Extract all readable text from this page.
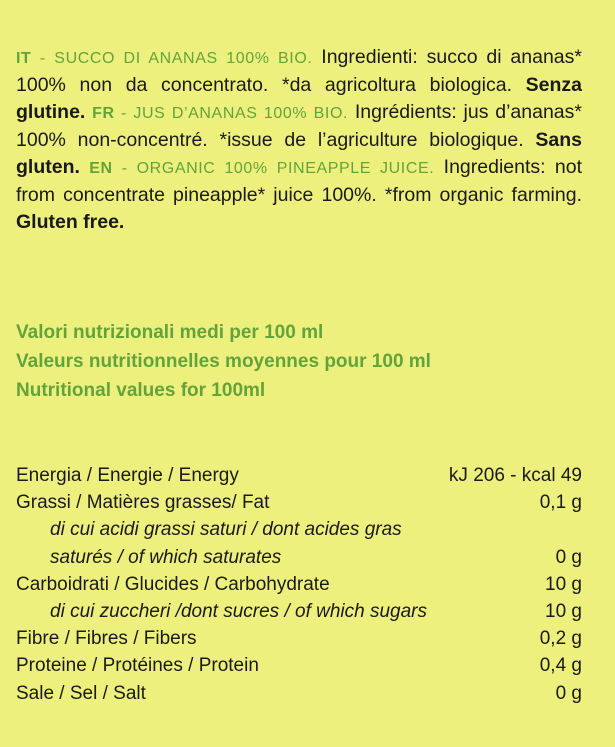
IT - SUCCO DI ANANAS 100% BIO. Ingredienti: succo di ananas* 100% non da concentrato. *da agricoltura biologica. Senza glutine. FR - JUS D’ANANAS 100% BIO. Ingrédients: jus d’ananas* 100% non-concentré. *issue de l’agriculture biologique. Sans gluten. EN - ORGANIC 100% PINEAPPLE JUICE. Ingredients: not from concentrate pineapple* juice 100%. *from organic farming. Gluten free.
Valori nutrizionali medi per 100 ml
Valeurs nutritionnelles moyennes pour 100 ml
Nutritional values for 100ml
Energia / Energie / Energy	kJ 206 - kcal 49
Grassi / Matières grasses/ Fat	0,1 g
di cui acidi grassi saturi / dont acides gras
saturés / of which saturates	0 g
Carboidrati / Glucides / Carbohydrate	10 g
di cui zuccheri /dont sucres / of which sugars	10 g
Fibre / Fibres / Fibers	0,2 g
Proteine / Protéines / Protein	0,4 g
Sale / Sel / Salt	0 g
